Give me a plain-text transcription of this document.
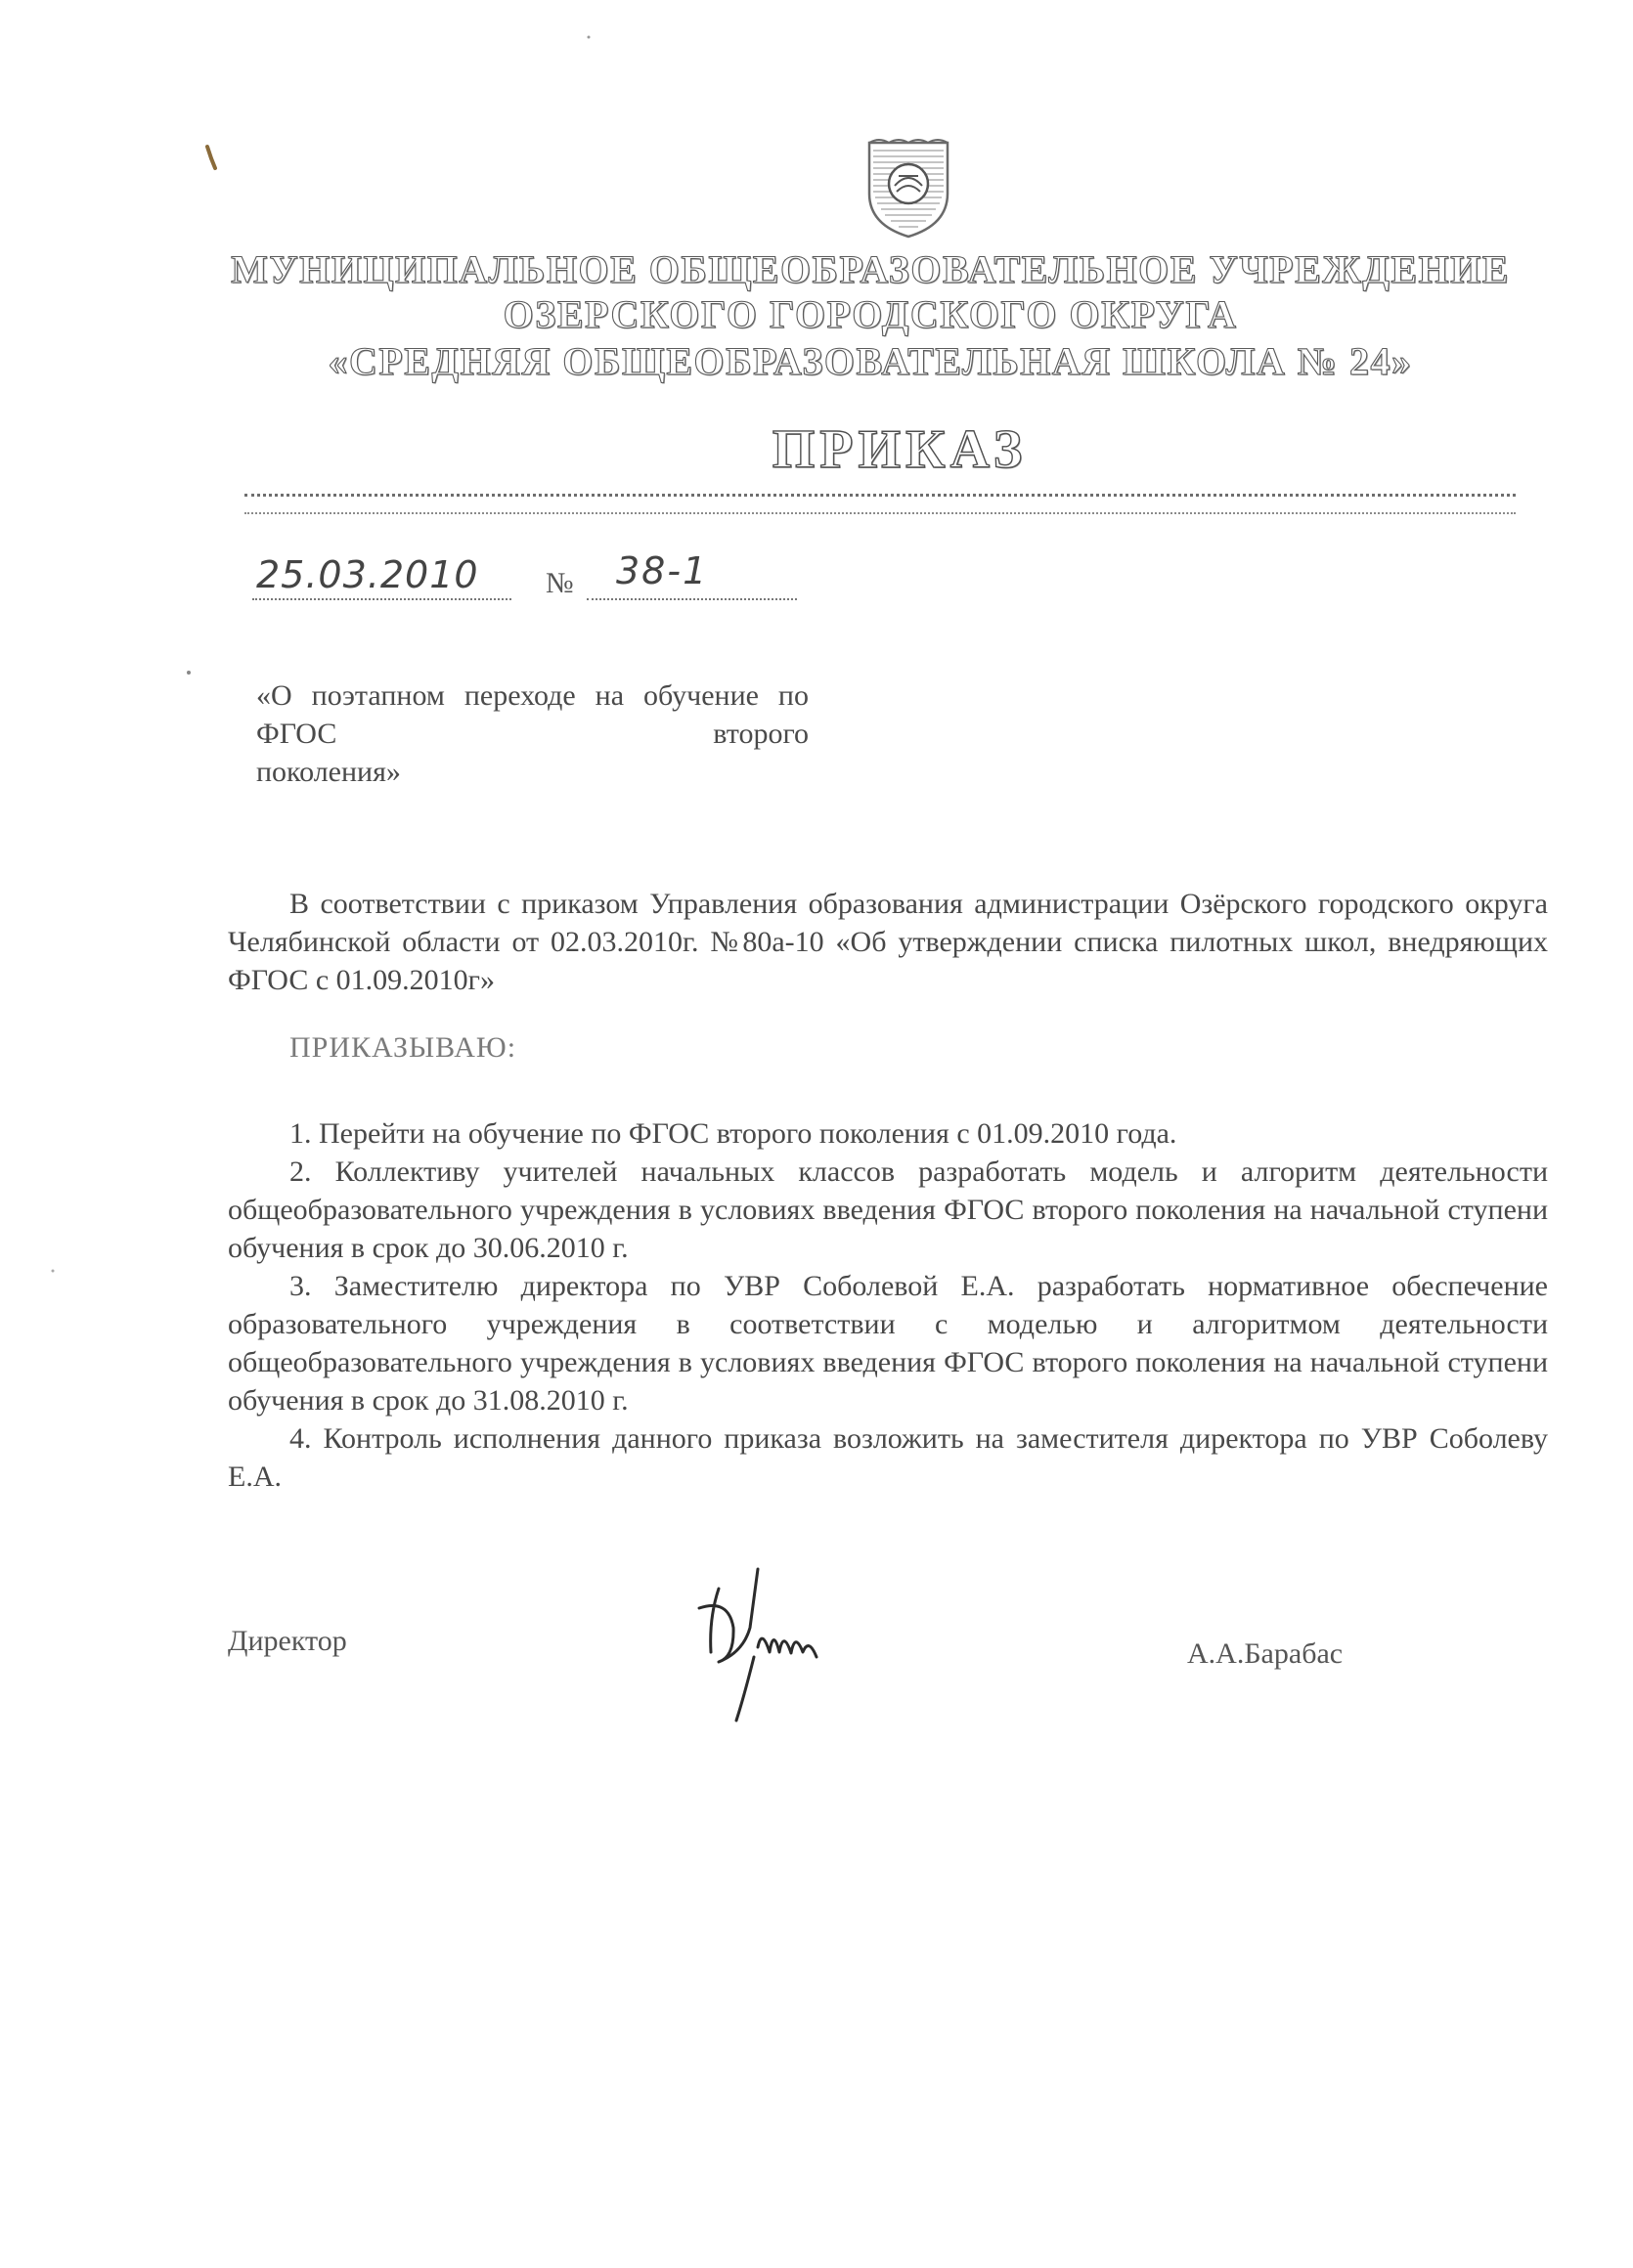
МУНИЦИПАЛЬНОЕ ОБЩЕОБРАЗОВАТЕЛЬНОЕ УЧРЕЖДЕНИЕ
ОЗЕРСКОГО ГОРОДСКОГО ОКРУГА
«СРЕДНЯЯ ОБЩЕОБРАЗОВАТЕЛЬНАЯ ШКОЛА № 24»
ПРИКАЗ
25.03.2010 № 38-1
«О поэтапном переходе на обучение по ФГОС второго
поколения»
В соответствии с приказом Управления образования администрации Озёрского городского округа Челябинской области от 02.03.2010г. №80а-10 «Об утверждении списка пилотных школ, внедряющих ФГОС с 01.09.2010г»
ПРИКАЗЫВАЮ:

1. Перейти на обучение по ФГОС второго поколения с 01.09.2010 года.

2. Коллективу учителей начальных классов разработать модель и алгоритм деятельности общеобразовательного учреждения в условиях введения ФГОС второго поколения на начальной ступени обучения в срок до 30.06.2010 г.

3. Заместителю директора по УВР Соболевой Е.А. разработать нормативное обеспечение образовательного учреждения в соответствии с моделью и алгоритмом деятельности общеобразовательного учреждения в условиях введения ФГОС второго поколения на начальной ступени обучения в срок до 31.08.2010 г.

4. Контроль исполнения данного приказа возложить на заместителя директора по УВР Соболеву Е.А.

Директор	А.А.Барабас
